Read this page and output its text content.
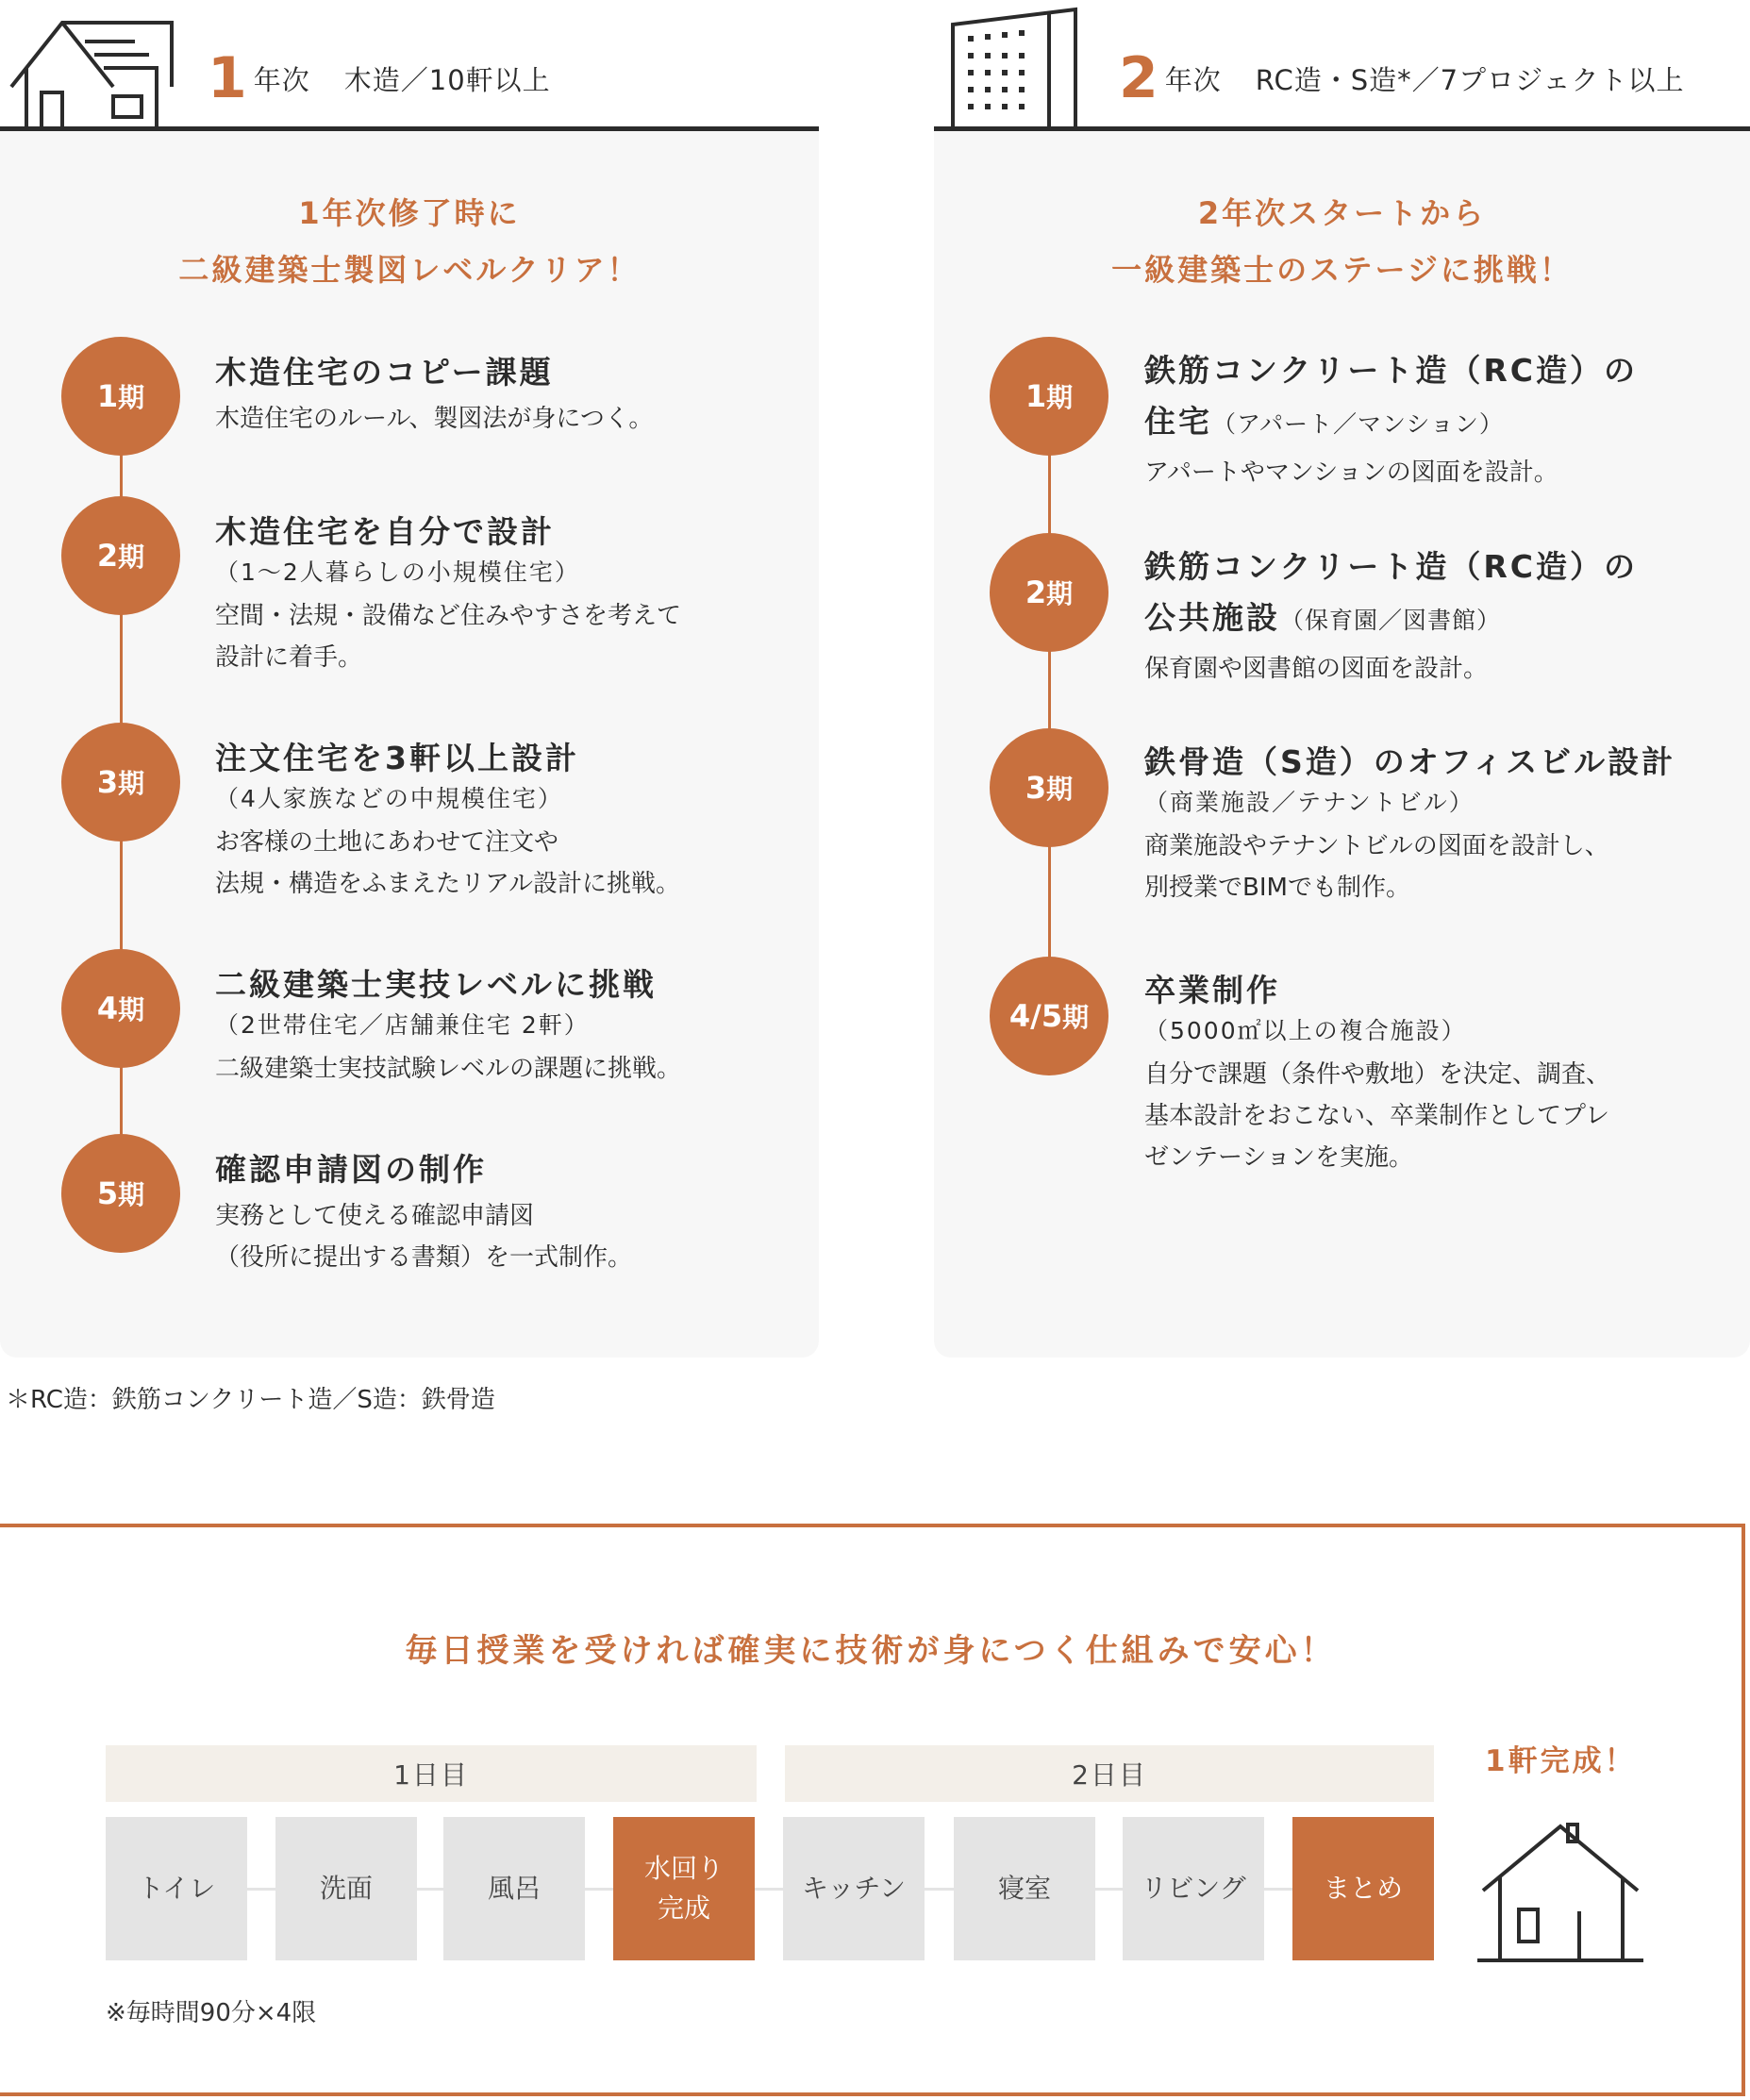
1 年次 木造／10軒以上	2 年次 RC造・S造*／7プロジェクト以上
1年次修了時に
二級建築士製図レベルクリア！
1 期
木造住宅のコピー課題
木造住宅のルール、製図法が身につく。
2 期
木造住宅を自分で設計
（1～2人暮らしの小規模住宅）
空間・法規・設備など住みやすさを考えて
設計に着手。
3 期
注文住宅を3軒以上設計
（4人家族などの中規模住宅）
お客様の土地にあわせて注文や
法規・構造をふまえたリアル設計に挑戦。
4 期
二級建築士実技レベルに挑戦
（2世帯住宅／店舗兼住宅 2軒）
二級建築士実技試験レベルの課題に挑戦。
5 期
確認申請図の制作
実務として使える確認申請図
（役所に提出する書類）を一式制作。
2年次スタートから
一級建築士のステージに挑戦！
1 期
鉄筋コンクリート造（RC造）の
住宅（アパート／マンション）
アパートやマンションの図面を設計。
2 期
鉄筋コンクリート造（RC造）の
公共施設（保育園／図書館）
保育園や図書館の図面を設計。
3 期
鉄骨造（S造）のオフィスビル設計
（商業施設／テナントビル）
商業施設やテナントビルの図面を設計し、
別授業でBIMでも制作。
4/5 期
卒業制作
（5000㎡以上の複合施設）
自分で課題（条件や敷地）を決定、調査、
基本設計をおこない、卒業制作としてプレ
ゼンテーションを実施。
＊RC造：鉄筋コンクリート造／S造：鉄骨造
毎日授業を受ければ確実に技術が身につく仕組みで安心！
1日目	2日目
トイレ	洗面	風呂
水回り
完成
キッチン	寝室	リビング	まとめ
1軒完成！
※毎時間90分×4限
